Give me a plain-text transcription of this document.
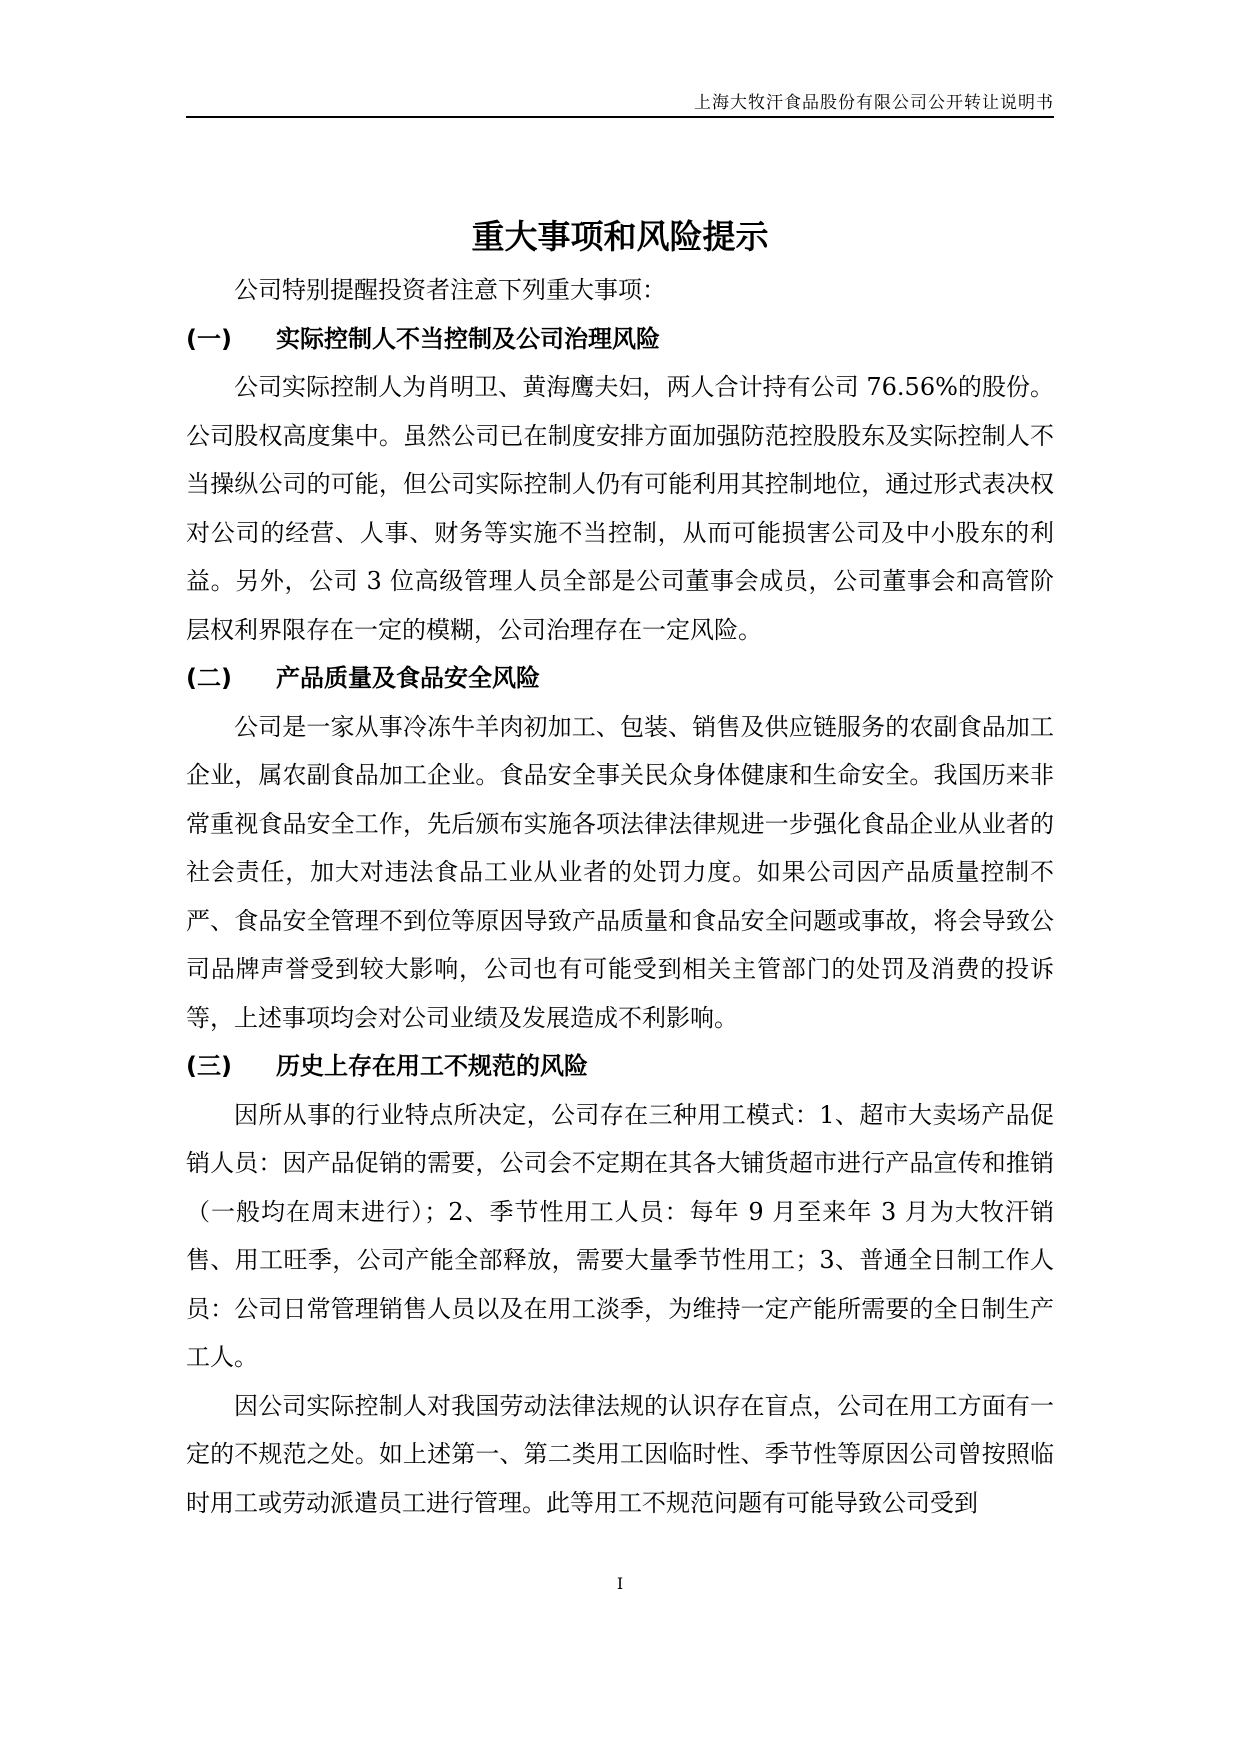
上海大牧汗食品股份有限公司公开转让说明书
重大事项和风险提示

公司特别提醒投资者注意下列重大事项：

(一) 实际控制人不当控制及公司治理风险

公司实际控制人为肖明卫、黄海鹰夫妇，两人合计持有公司 76.56%的股份。公司股权高度集中。虽然公司已在制度安排方面加强防范控股股东及实际控制人不当操纵公司的可能，但公司实际控制人仍有可能利用其控制地位，通过形式表决权对公司的经营、人事、财务等实施不当控制，从而可能损害公司及中小股东的利益。另外，公司 3 位高级管理人员全部是公司董事会成员，公司董事会和高管阶层权利界限存在一定的模糊，公司治理存在一定风险。

(二) 产品质量及食品安全风险

公司是一家从事冷冻牛羊肉初加工、包装、销售及供应链服务的农副食品加工企业，属农副食品加工企业。食品安全事关民众身体健康和生命安全。我国历来非常重视食品安全工作，先后颁布实施各项法律法律规进一步强化食品企业从业者的社会责任，加大对违法食品工业从业者的处罚力度。如果公司因产品质量控制不严、食品安全管理不到位等原因导致产品质量和食品安全问题或事故，将会导致公司品牌声誉受到较大影响，公司也有可能受到相关主管部门的处罚及消费的投诉等，上述事项均会对公司业绩及发展造成不利影响。

(三) 历史上存在用工不规范的风险

因所从事的行业特点所决定，公司存在三种用工模式：1、超市大卖场产品促销人员：因产品促销的需要，公司会不定期在其各大铺货超市进行产品宣传和推销（一般均在周末进行）；2、季节性用工人员：每年 9 月至来年 3 月为大牧汗销售、用工旺季，公司产能全部释放，需要大量季节性用工；3、普通全日制工作人员：公司日常管理销售人员以及在用工淡季，为维持一定产能所需要的全日制生产工人。

因公司实际控制人对我国劳动法律法规的认识存在盲点，公司在用工方面有一定的不规范之处。如上述第一、第二类用工因临时性、季节性等原因公司曾按照临时用工或劳动派遣员工进行管理。此等用工不规范问题有可能导致公司受到

I
